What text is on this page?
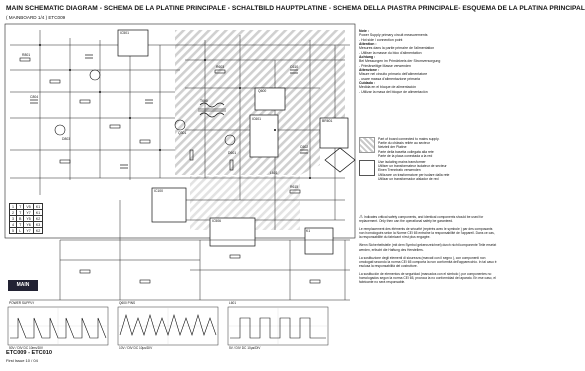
MAIN SCHEMATIC DIAGRAM - SCHEMA DE LA PLATINE PRINCIPALE - SCHALTBILD HAUPTPLATINE - SCHEMA DELLA PIASTRA PRINCIPALE- ESQUEMA DE LA PLATINA PRINCIPAL
( MAINBOARD 1/4 ) ETC009
IC501
IC601
IC100
IC506
K1
Q600
T600
BR601
R801
C804
C610
R603
D601
Q301
C602
R615
D803
L601
Note :
Power Supply primary circuit measurements
- Hot side / connection point
Attention :
Mesures dans la partie primaire de l'alimentation
- Utiliser la masse du bloc d'alimentation
Achtung :
Bei Messungen im Primärkreis der Stromversorgung
- Primärseitige Masse verwenden
Attenzione :
Misure nel circuito primario dell'alimentatore
- usare massa d'alimentazione primaria
Cuidado :
Medida en el bloque de alimentación
- Utilizar la masa del bloque de alimentación
Part of board connected to mains supply.
Partie du châssis reliée au secteur
Netzteil der Platine
Parte della basetta collegata alla rete
Parte de la placa conectada a la red
Use isolating mains transformer
Utiliser un transformateur isolateur de secteur
Einen Trenntrafo verwenden
Utilizzare un trasformatore per isolare dalla rete
Utilizar un transformador aislador de red

⚠ Indicates critical safety components, and identical components should be used for replacement. Only then can the operational safety be garanteed.

Le remplacement des éléments de sécurité (repérés avec le symbole ) par des composants non homologués selon la Norme CEI 65 entraîne la responsabilité de l'appareil. Dans ce cas, la responsabilité du fabricant n'est plus engagée.

Wenn Sicherheitsteile (mit dem Symbol gekennzeichnet) durch nicht komponente Teile ersetzt werden, erlischt die Haftung des Herstellers.

La sostituzione degli elementi di sicurezza (marcati con il segno ), con componenti non omologati secondo la norma CEI 65 comporta la non conformità dell'apparecchio. In tal caso è esclusa la responsabilità del costruttore.

La sustitución de elementos de seguridad (marcados con el simbolo ) por componentes no homologados segun la norma CEI 65, provoca la no conformidad del aparato. En ese caso, el fabricante no será responsable.

1	T	V5	K1
2	T	Y7	K1
3	B	Y5	K2
4	T	Y6	K3
5	L	Y7	K2
MAIN
POWER SUPPLY
50V / DIV DC 10ms/DIV
Q600 PINS
10V / DIV DC 10µs/DIV
L601
5V / DIV DC 10µs/DIV
ETC009 - ETC010
First Issue 10 / 04
